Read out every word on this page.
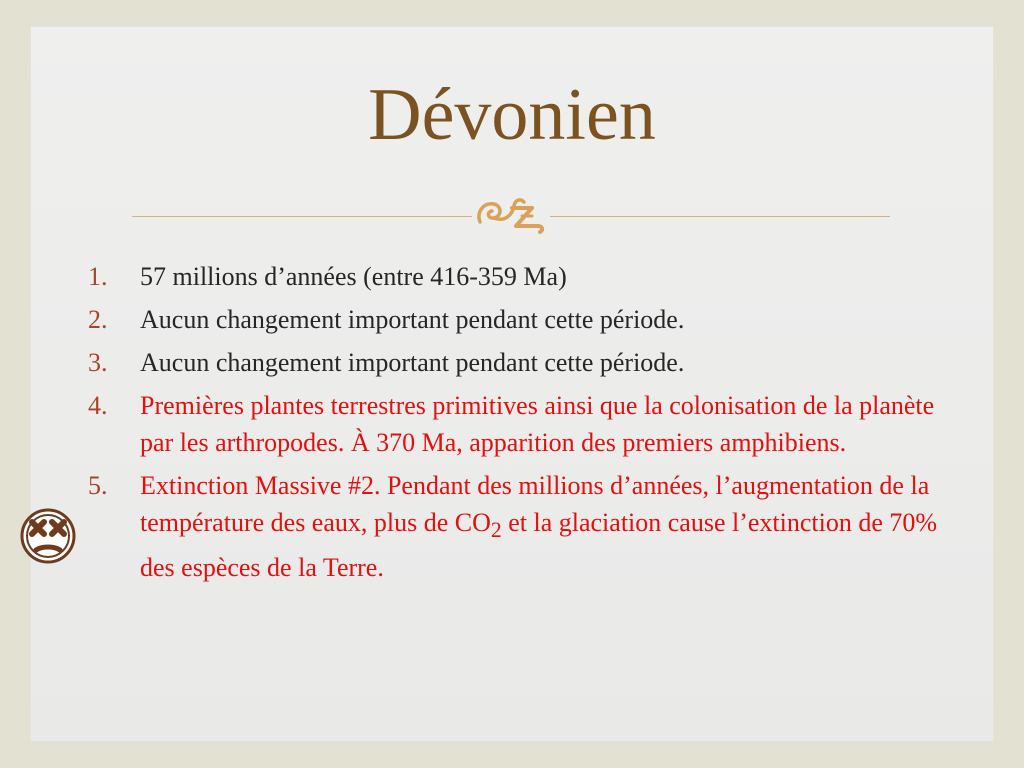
Dévonien
1. 57 millions d’années (entre 416-359 Ma)
2. Aucun changement important pendant cette période.
3. Aucun changement important pendant cette période.
4. Premières plantes terrestres primitives ainsi que la colonisation de la planète par les arthropodes. À 370 Ma, apparition des premiers amphibiens.
5. Extinction Massive #2. Pendant des millions d’années, l’augmentation de la température des eaux, plus de $CO_2$ et la glaciation cause l’extinction de 70% des espèces de la Terre.
